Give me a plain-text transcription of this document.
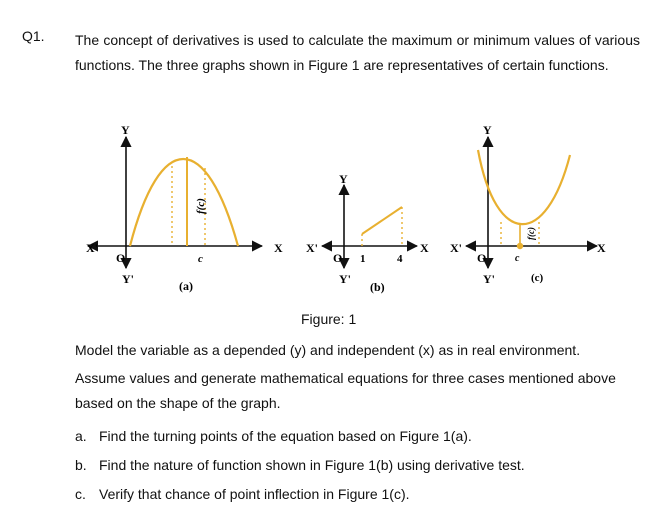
Q1. The concept of derivatives is used to calculate the maximum or minimum values of various functions. The three graphs shown in Figure 1 are representatives of certain functions.
Y
X'
O
Y'
X
c
f(c)
(a)
Y
X'
O 1	4
Y'
X
(b)
Y
X'
O
Y'
X
c
f(c)
(c)
Figure: 1
Model the variable as a depended (y) and independent (x) as in real environment.
Assume values and generate mathematical equations for three cases mentioned above based on the shape of the graph.
a. Find the turning points of the equation based on Figure 1(a).
b. Find the nature of function shown in Figure 1(b) using derivative test.
c. Verify that chance of point inflection in Figure 1(c).
